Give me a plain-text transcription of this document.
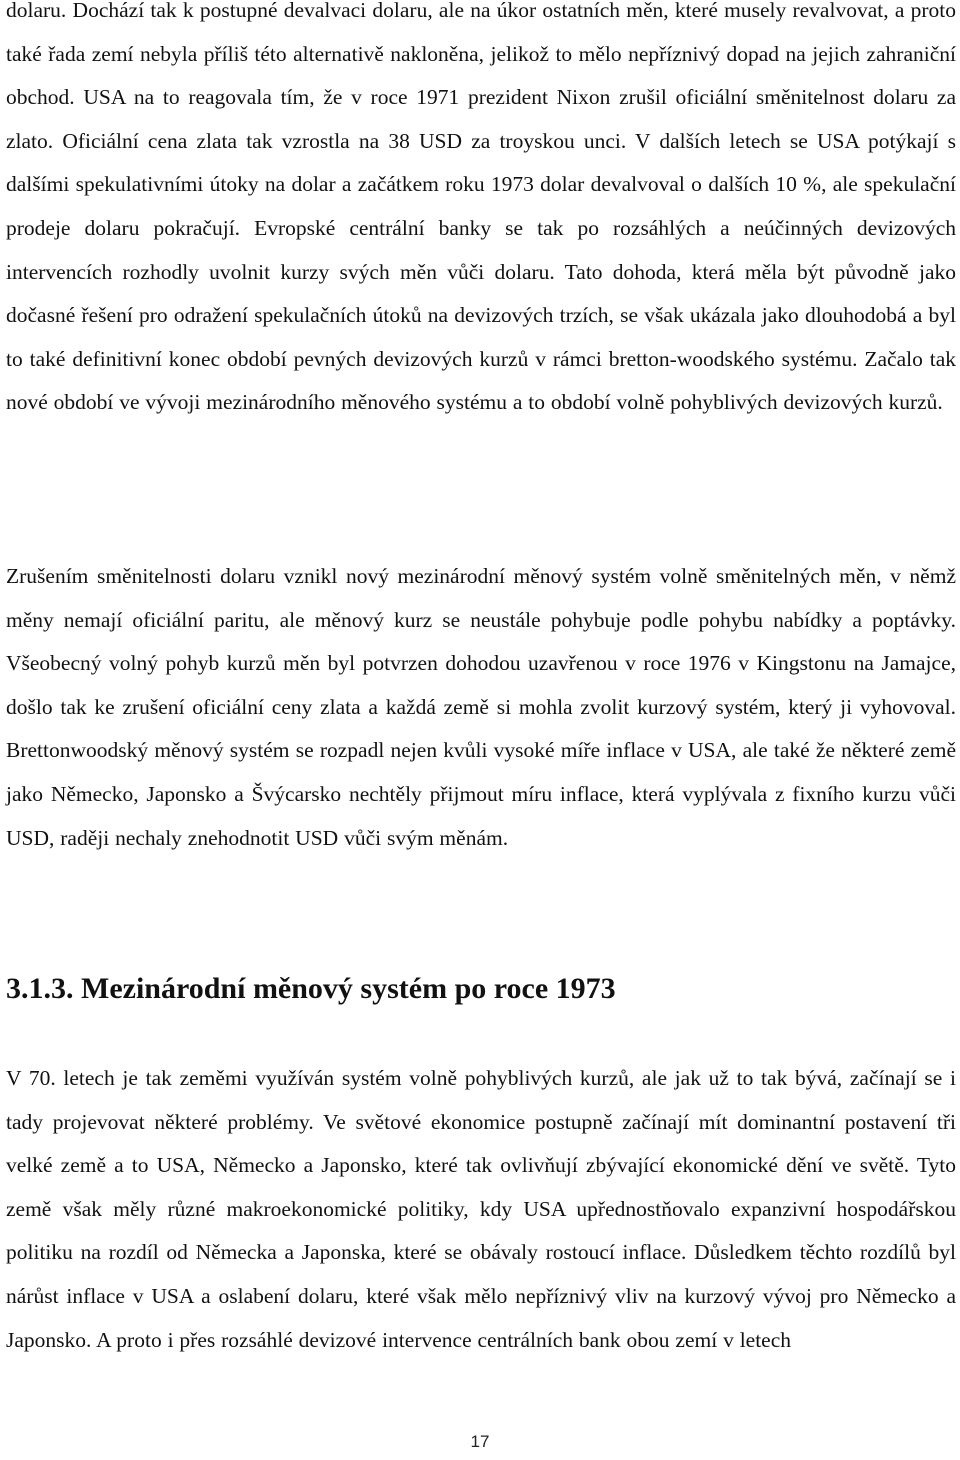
dolaru. Dochází tak k postupné devalvaci dolaru, ale na úkor ostatních měn, které musely revalvovat, a proto také řada zemí nebyla příliš této alternativě nakloněna, jelikož to mělo nepříznivý dopad na jejich zahraniční obchod. USA na to reagovala tím, že v roce 1971 prezident Nixon zrušil oficiální směnitelnost dolaru za zlato. Oficiální cena zlata tak vzrostla na 38 USD za troyskou unci. V dalších letech se USA potýkají s dalšími spekulativními útoky na dolar a začátkem roku 1973 dolar devalvoval o dalších 10 %, ale spekulační prodeje dolaru pokračují. Evropské centrální banky se tak po rozsáhlých a neúčinných devizových intervencích rozhodly uvolnit kurzy svých měn vůči dolaru. Tato dohoda, která měla být původně jako dočasné řešení pro odražení spekulačních útoků na devizových trzích, se však ukázala jako dlouhodobá a byl to také definitivní konec období pevných devizových kurzů v rámci bretton-woodského systému. Začalo tak nové období ve vývoji mezinárodního měnového systému a to období volně pohyblivých devizových kurzů.

Zrušením směnitelnosti dolaru vznikl nový mezinárodní měnový systém volně směnitelných měn, v němž měny nemají oficiální paritu, ale měnový kurz se neustále pohybuje podle pohybu nabídky a poptávky. Všeobecný volný pohyb kurzů měn byl potvrzen dohodou uzavřenou v roce 1976 v Kingstonu na Jamajce, došlo tak ke zrušení oficiální ceny zlata a každá země si mohla zvolit kurzový systém, který ji vyhovoval. Brettonwoodský měnový systém se rozpadl nejen kvůli vysoké míře inflace v USA, ale také že některé země jako Německo, Japonsko a Švýcarsko nechtěly přijmout míru inflace, která vyplývala z fixního kurzu vůči USD, raději nechaly znehodnotit USD vůči svým měnám.

3.1.3. Mezinárodní měnový systém po roce 1973

V 70. letech je tak zeměmi využíván systém volně pohyblivých kurzů, ale jak už to tak bývá, začínají se i tady projevovat některé problémy. Ve světové ekonomice postupně začínají mít dominantní postavení tři velké země a to USA, Německo a Japonsko, které tak ovlivňují zbývající ekonomické dění ve světě. Tyto země však měly různé makroekonomické politiky, kdy USA upřednostňovalo expanzivní hospodářskou politiku na rozdíl od Německa a Japonska, které se obávaly rostoucí inflace. Důsledkem těchto rozdílů byl nárůst inflace v USA a oslabení dolaru, které však mělo nepříznivý vliv na kurzový vývoj pro Německo a Japonsko. A proto i přes rozsáhlé devizové intervence centrálních bank obou zemí v letech

17
